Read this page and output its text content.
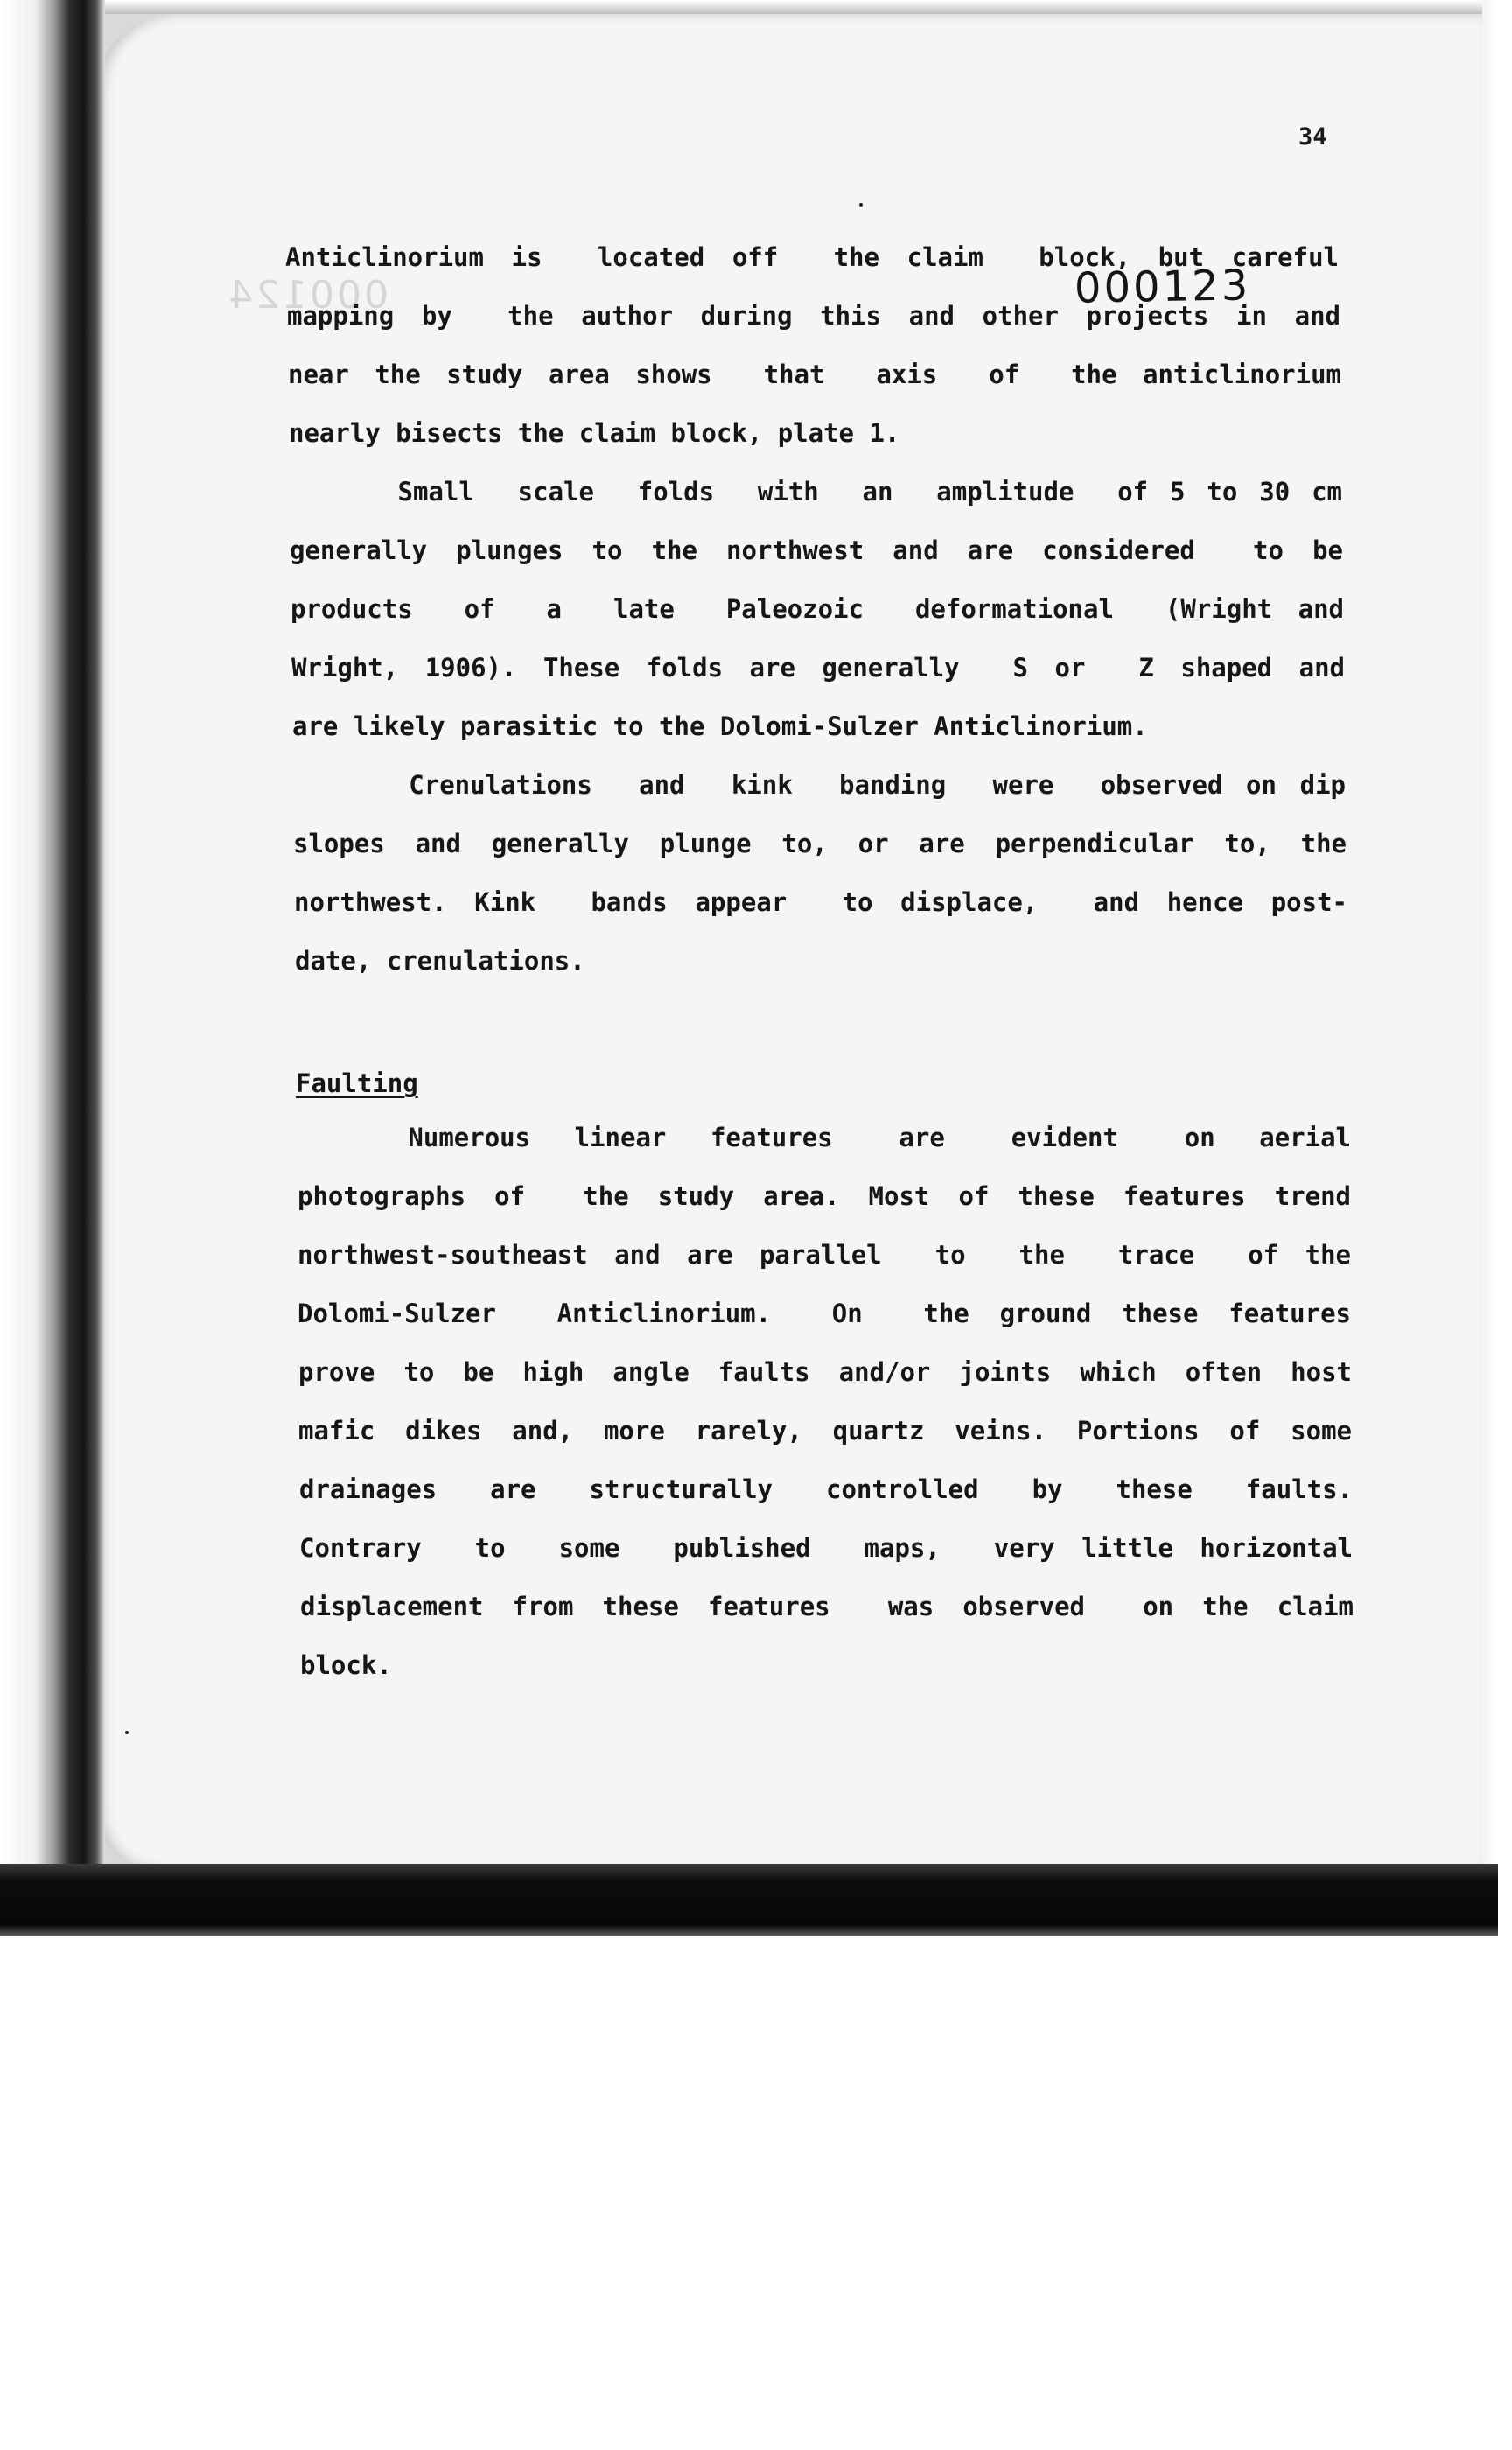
34
000124	000123
Anticlinorium is  located off  the claim  block, but careful
mapping by  the author during this and other projects in and
near the study area shows  that  axis  of  the anticlinorium
nearly bisects the claim block, plate 1.
Small  scale  folds  with  an  amplitude  of 5 to 30 cm
generally plunges to the northwest and are considered  to be
products  of  a  late  Paleozoic  deformational  (Wright and
Wright, 1906). These folds are generally  S or  Z shaped and
are likely parasitic to the Dolomi-Sulzer Anticlinorium.
Crenulations  and  kink  banding  were  observed on dip
slopes and generally plunge to, or are perpendicular to, the
northwest. Kink  bands appear  to displace,  and hence post-
date, crenulations.
Faulting
Numerous  linear  features   are   evident   on  aerial
photographs of  the study area. Most of these features trend
northwest-southeast and are parallel  to  the  trace  of the
Dolomi-Sulzer  Anticlinorium.  On  the ground these features
prove to be high angle faults and/or joints which often host
mafic dikes and, more rarely, quartz veins. Portions of some
drainages  are  structurally  controlled  by  these  faults.
Contrary  to  some  published  maps,  very little horizontal
displacement from these features  was observed  on the claim
block.
